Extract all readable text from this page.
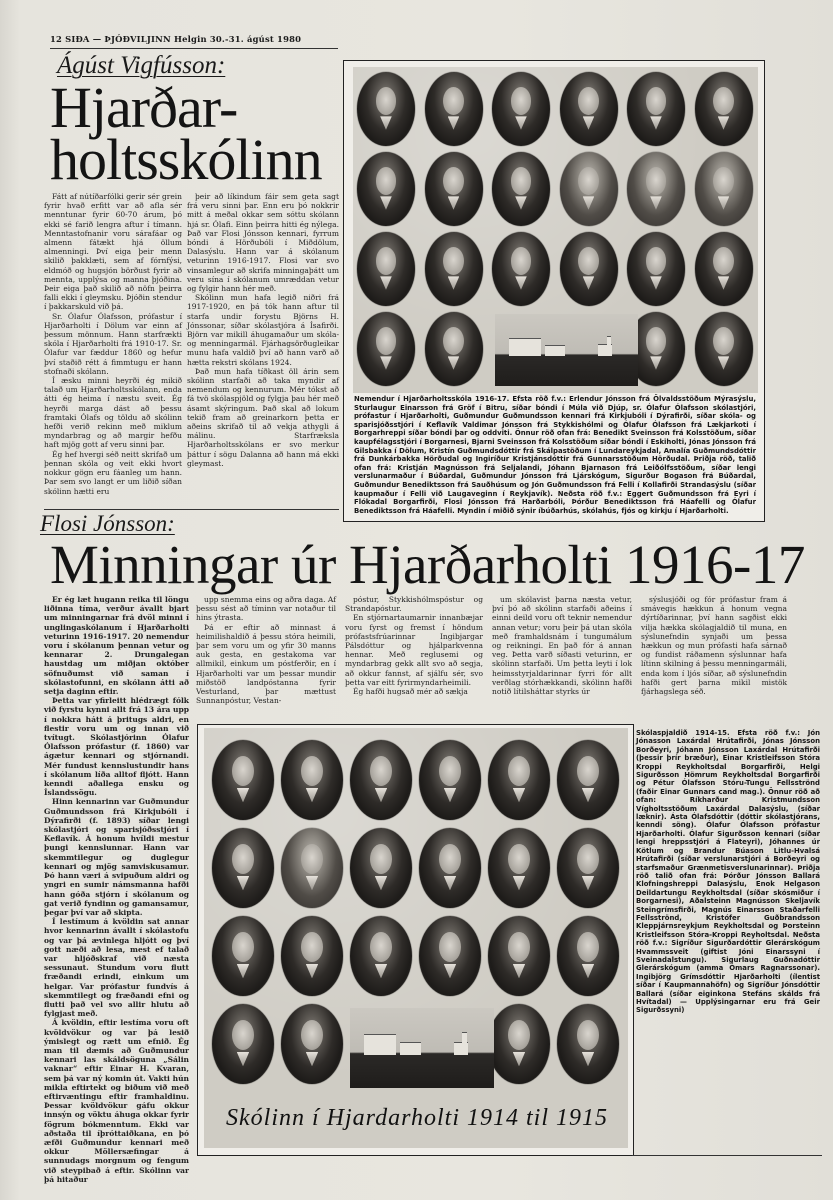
12 SIÐA — ÞJÓÐVILJINN Helgin 30.-31. ágúst 1980
Ágúst Vigfússon:
Hjarðar-
holtsskólinn

Fátt af nútíðarfólki gerir sér grein fyrir hvað erfitt var að afla sér menntunar fyrir 60-70 árum, þó ekki sé farið lengra aftur í tímann. Menntastofnanir voru sárafáar og almenn fátækt hjá öllum almenningi. Því eiga þeir menn skilið þakklæti, sem af fórnfýsi, eldmóð og hugsjón börðust fyrir að mennta, upplýsa og manna þjóðina. Þeir eiga það skilið að nöfn þeirra falli ekki í gleymsku. Þjóðin stendur í þakkarskuld við þá.

Sr. Ólafur Ólafsson, prófastur í Hjarðarholti í Dölum var einn af þessum mönnum. Hann starfrækti skóla í Hjarðarholti frá 1910-17. Sr. Ólafur var fæddur 1860 og hefur því staðið rétt á fimmtugu er hann stofnaði skólann.

Í æsku minni heyrði ég mikið talað um Hjarðarholtsskólann, enda átti ég heima í næstu sveit. Ég heyrði marga dást að þessu framtaki Ólafs og töldu að skólinn hefði verið rekinn með miklum myndarbrag og að margir hefðu haft mjög gott af veru sinni þar.

Ég hef hvergi séð neitt skrifað um þennan skóla og veit ekki hvort nokkur gögn eru fáanleg um hann. Þar sem svo langt er um liðið síðan skólinn hætti eru

þeir að líkindum fáir sem geta sagt frá veru sinni þar. Enn eru þó nokkrir mitt á meðal okkar sem sóttu skólann hjá sr. Ólafi. Einn þeirra hitti ég nýlega. Það var Flosi Jónsson kennari, fyrrum bóndi á Hörðubóli í Miðdölum, Dalasýslu. Hann var á skólanum veturinn 1916-1917. Flosi var svo vinsamlegur að skrifa minningaþátt um veru sína í skólanum umræddan vetur og fylgir hann hér með.

Skólinn mun hafa legið niðri frá 1917-1920, en þá tók hann aftur til starfa undir forystu Björns H. Jónssonar, síðar skólastjóra á Ísafirði. Björn var mikill áhugamaður um skóla- og menningarmál. Fjárhagsörðugleikar munu hafa valdið því að hann varð að hætta rekstri skólans 1924.

Það mun hafa tíðkast öll árin sem skólinn starfaði að taka myndir af nemendum og kennurum. Mér tókst að fá tvö skólaspjöld og fylgja þau hér með ásamt skýringum. Það skal að lokum tekið fram að greinarkorn þetta er aðeins skrifað til að vekja athygli á málinu. Starfræksla Hjarðarholtsskólans er svo merkur þáttur í sögu Dalanna að hann má ekki gleymast.

Nemendur í Hjarðarholtsskóla 1916-17. Efsta röð f.v.: Erlendur Jónsson frá Ölvaldsstöðum Mýrasýslu, Sturlaugur Einarsson frá Gröf í Bitru, síðar bóndi í Múla við Djúp, sr. Ólafur Ólafsson skólastjóri, prófastur í Hjarðarholti, Guðmundur Guðmundsson kennari frá Kirkjubóli í Dýrafirði, síðar skóla- og sparisjóðsstjóri í Keflavík Valdimar Jónsson frá Stykkishólmi og Ólafur Ólafsson frá Lækjarkoti í Borgarhreppi síðar bóndi þar og oddviti. Önnur röð ofan frá: Benedikt Sveinsson frá Kolsstöðum, síðar kaupfélagsstjóri í Borgarnesi, Bjarni Sveinsson frá Kolsstöðum síðar bóndi í Eskiholti, Jónas Jónsson frá Gilsbakka í Dölum, Kristín Guðmundsdóttir frá Skálpastöðum í Lundareykjadal, Amalía Guðmundsdóttir frá Dunkárbakka Hörðudal og Ingiríður Kristjánsdóttir frá Gunnarsstöðum Hörðudal. Þriðja röð, talið ofan frá: Kristján Magnússon frá Seljalandi, Jóhann Bjarnason frá Leiðólfsstöðum, síðar lengi verslunarmaður í Búðardal, Guðmundur Jónsson frá Ljárskógum, Sigurður Bogason frá Búðardal, Guðmundur Benediktsson frá Sauðhúsum og Jón Guðmundsson frá Felli í Kollafirði Strandasýslu (síðar kaupmaður í Felli við Laugaveginn í Reykjavík). Neðsta röð f.v.: Eggert Guðmundsson frá Eyri í Flókadal Borgarfirði, Flosi Jónsson frá Harðarbóli, Þórður Benediktsson frá Háafelli og Ólafur Benediktsson frá Háafelli. Myndin í miðið sýnir íbúðarhús, skólahús, fjós og kirkju í Hjarðarholti.
Flosi Jónsson:
Minningar úr Hjarðarholti 1916-17

Er ég læt hugann reika til löngu liðinna tíma, verður ávallt bjart um minningarnar frá dvöl minni í unglingaskólanum í Hjarðarholti veturinn 1916-1917. 20 nemendur voru í skólanum þennan vetur og kennarar 2. Drungalegan haustdag um miðjan október söfnuðumst við saman í skólastofunni, en skólann átti að setja daginn eftir.

Þetta var yfirleitt hlédrægt fólk við fyrstu kynni allt frá 13 ára upp í nokkra hátt á þritugs aldri, en flestir voru um og innan við tvítugt. Skólastjórinn Ólafur Ólafsson prófastur (f. 1860) var ágætur kennari og stjórnandi. Mér fundust kennslustundir hans í skólanum líða alltof fljótt. Hann kenndi aðallega ensku og Íslandssögu.

Hinn kennarinn var Guðmundur Guðmundsson frá Kirkjubóli í Dýrafirði (f. 1893) síðar lengi skólastjóri og sparisjóðsstjóri í Keflavík. Á honum hvíldi mestur þungi kennslunnar. Hann var skemmtilegur og duglegur kennari og mjög samviskusamur. Þó hann væri á svipuðum aldri og yngri en sumir námsmanna hafði hann góða stjórn í skólanum og gat verið fyndinn og gamansamur, þegar því var að skipta.

Í lestímum á kvöldin sat annar hvor kennarinn ávallt í skólastofu og var þá ævinlega hljótt og því gott næði að lesa, mest ef talað var hljóðskraf við næsta sessunaut. Stundum voru flutt fræðandi erindi, einkum um helgar. Var prófastur fundvís á skemmtilegt og fræðandi efni og flutti það vel svo allir hlutu að fylgjast með.

Á kvöldin, eftir lestíma voru oft kvöldvökur og var þá lesið ýmislegt og rætt um efnið. Ég man til dæmis að Guðmundur kennari las skáldsöguna „Sálin vaknar“ eftir Einar H. Kvaran, sem þá var ný komin út. Vakti hún mikla eftirtekt og biðum við með eftirvæntingu eftir framhaldinu. Þessar kvöldvökur gáfu okkur innsýn og vöktu áhuga okkar fyrir fögrum bókmenntum. Ekki var aðstaða til íþróttaiðkana, en þó æfði Guðmundur kennari með okkur Möllersæfingar á sunnudags morgnum og fengum við steypibað á eftir. Skólinn var þá hitaður

upp snemma eins og aðra daga. Af þessu sést að tíminn var notaður til hins ýtrasta.

Þá er eftir að minnast á heimilishaldið á þessu stóra heimili, þar sem voru um og yfir 30 manns auk gesta, en gestakoma var allmikil, einkum um póstferðir, en í Hjarðarholti var um þessar mundir miðstöð landpóstanna fyrir Vesturland, þar mættust Sunnanpóstur, Vestan-

póstur, Stykkishólmspóstur og Strandapóstur.

En stjórnartaumarnir innanbæjar voru fyrst og fremst í höndum prófastsfrúarinnar Ingibjargar Pálsdóttur og hjálparkvenna hennar. Með reglusemi og myndarbrag gekk allt svo að segja, að okkur fannst, af sjálfu sér, svo þetta var eitt fyrirmyndarheimili.

Ég hafði hugsað mér að sækja

um skólavist þarna næsta vetur, því þó að skólinn starfaði aðeins í einni deild voru oft teknir nemendur annan vetur; voru þeir þá utan skóla með framhaldsnám í tungumálum og reikningi. En það fór á annan veg. Þetta varð síðasti veturinn, er skólinn starfaði. Um þetta leyti í lok heimsstyrjaldarinnar fyrri fór allt verðlag stórhækkandi, skólinn hafði notið lítilsháttar styrks úr

sýslusjóði og fór prófastur fram á smávegis hækkun á honum vegna dýrtíðarinnar, því hann sagðist ekki vilja hækka skólagjaldið til muna, en sýslunefndin synjaði um þessa hækkun og mun prófasti hafa sárnað og fundist ráðamenn sýslunnar hafa lítinn skilning á þessu menningarmáli, enda kom í ljós síðar, að sýslunefndin hafði gert þarna mikil mistök fjárhagslega séð.

Skólinn í Hjardarholti 1914 til 1915
Skólaspjaldið 1914-15. Efsta röð f.v.: Jón Jónasson Laxárdal Hrútafirði, Jónas Jónsson Borðeyri, Jóhann Jónsson Laxárdal Hrútafirði (þessir þrír bræður), Einar Kristleifsson Stóra Kroppi Reykholtsdal Borgarfirði, Helgi Sigurðsson Hömrum Reykholtsdal Borgarfirði og Pétur Ólafsson Stóru-Tungu Fellsströnd (faðir Einar Gunnars cand mag.). Önnur röð að ofan: Ríkharður Kristmundsson Vígholtsstöðum Laxárdal Dalasýslu, (síðar læknir). Ásta Ólafsdóttir (dóttir skólastjórans, kenndi söng). Ólafur Ólafsson prófastur Hjarðarholti. Ólafur Sigurðsson kennari (síðar lengi hreppsstjóri á Flateyri), Jóhannes úr Kötlum og Brandur Búason Litlu-Hvalsá Hrútafirði (síðar verslunarstjóri á Borðeyri og starfsmaður Grænmetisverslunarinnar). Þriðja röð talið ofan frá: Þórður Jónsson Ballará Klofningshreppi Dalasýslu, Enok Helgason Deildartungu Reykholtsdal (síðar skósmiður í Borgarnesi), Aðalsteinn Magnússon Skeljavík Steingrímsfirði, Magnús Einarsson Staðarfelli Fellsströnd, Kristófer Guðbrandsson Kleppjárnsreykjum Reykholtsdal og Þorsteinn Kristleifsson Stóra-Kroppi Reyholtsdal. Neðsta röð f.v.: Sigríður Sigurðardóttir Glerárskógum Hvammssveit (giftist Jóni Einarssyni í Sveinadalstungu). Sigurlaug Guðnadóttir Glerárskógum (amma Ómars Ragnarssonar). Ingibjörg Grímsdóttir Hjarðarholti (ílentist síðar í Kaupmannahöfn) og Sigríður Jónsdóttir Ballará (síðar eiginkona Stefáns skálds frá Hvítadal) — Upplýsingarnar eru frá Geir Sigurðssyni)
